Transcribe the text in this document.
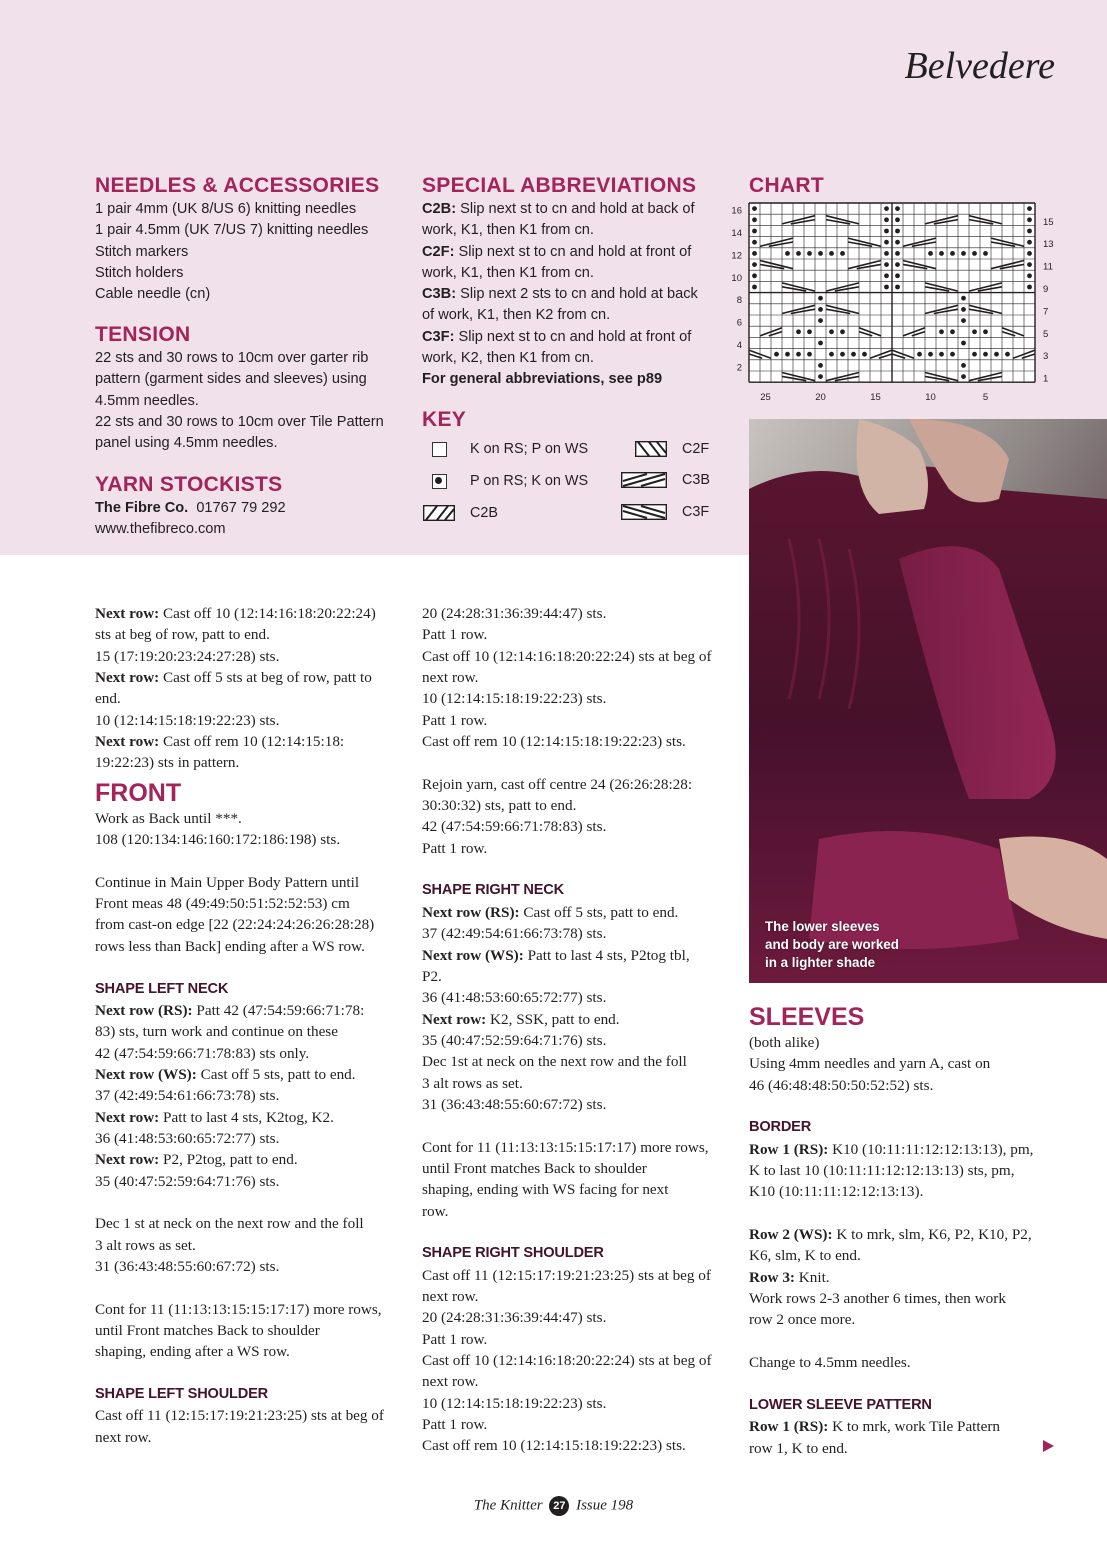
Belvedere
NEEDLES & ACCESSORIES
1 pair 4mm (UK 8/US 6) knitting needles
1 pair 4.5mm (UK 7/US 7) knitting needles
Stitch markers
Stitch holders
Cable needle (cn)
TENSION
22 sts and 30 rows to 10cm over garter rib
pattern (garment sides and sleeves) using
4.5mm needles.
22 sts and 30 rows to 10cm over Tile Pattern
panel using 4.5mm needles.
YARN STOCKISTS
The Fibre Co. 01767 79 292
www.thefibreco.com
SPECIAL ABBREVIATIONS
C2B: Slip next st to cn and hold at back of
work, K1, then K1 from cn.
C2F: Slip next st to cn and hold at front of
work, K1, then K1 from cn.
C3B: Slip next 2 sts to cn and hold at back
of work, K1, then K2 from cn.
C3F: Slip next st to cn and hold at front of
work, K2, then K1 from cn.
For general abbreviations, see p89
KEY
K on RS; P on WS
P on RS; K on WS
C2B
C2F
C3B
C3F
CHART
16
14
12
10
8
6
4
2
15
13
11
9
7
5
3
1
25	20	15	10	5
The lower sleeves
and body are worked
in a lighter shade
Next row: Cast off 10 (12:14:16:18:20:22:24)
sts at beg of row, patt to end.
15 (17:19:20:23:24:27:28) sts.
Next row: Cast off 5 sts at beg of row, patt to
end.
10 (12:14:15:18:19:22:23) sts.
Next row: Cast off rem 10 (12:14:15:18:
19:22:23) sts in pattern.
FRONT
Work as Back until ***.
108 (120:134:146:160:172:186:198) sts.
Continue in Main Upper Body Pattern until
Front meas 48 (49:49:50:51:52:52:53) cm
from cast-on edge [22 (22:24:24:26:26:28:28)
rows less than Back] ending after a WS row.
SHAPE LEFT NECK
Next row (RS): Patt 42 (47:54:59:66:71:78:
83) sts, turn work and continue on these
42 (47:54:59:66:71:78:83) sts only.
Next row (WS): Cast off 5 sts, patt to end.
37 (42:49:54:61:66:73:78) sts.
Next row: Patt to last 4 sts, K2tog, K2.
36 (41:48:53:60:65:72:77) sts.
Next row: P2, P2tog, patt to end.
35 (40:47:52:59:64:71:76) sts.
Dec 1 st at neck on the next row and the foll
3 alt rows as set.
31 (36:43:48:55:60:67:72) sts.
Cont for 11 (11:13:13:15:15:17:17) more rows,
until Front matches Back to shoulder
shaping, ending after a WS row.
SHAPE LEFT SHOULDER
Cast off 11 (12:15:17:19:21:23:25) sts at beg of
next row.
20 (24:28:31:36:39:44:47) sts.
Patt 1 row.
Cast off 10 (12:14:16:18:20:22:24) sts at beg of
next row.
10 (12:14:15:18:19:22:23) sts.
Patt 1 row.
Cast off rem 10 (12:14:15:18:19:22:23) sts.
Rejoin yarn, cast off centre 24 (26:26:28:28:
30:30:32) sts, patt to end.
42 (47:54:59:66:71:78:83) sts.
Patt 1 row.
SHAPE RIGHT NECK
Next row (RS): Cast off 5 sts, patt to end.
37 (42:49:54:61:66:73:78) sts.
Next row (WS): Patt to last 4 sts, P2tog tbl,
P2.
36 (41:48:53:60:65:72:77) sts.
Next row: K2, SSK, patt to end.
35 (40:47:52:59:64:71:76) sts.
Dec 1st at neck on the next row and the foll
3 alt rows as set.
31 (36:43:48:55:60:67:72) sts.
Cont for 11 (11:13:13:15:15:17:17) more rows,
until Front matches Back to shoulder
shaping, ending with WS facing for next
row.
SHAPE RIGHT SHOULDER
Cast off 11 (12:15:17:19:21:23:25) sts at beg of
next row.
20 (24:28:31:36:39:44:47) sts.
Patt 1 row.
Cast off 10 (12:14:16:18:20:22:24) sts at beg of
next row.
10 (12:14:15:18:19:22:23) sts.
Patt 1 row.
Cast off rem 10 (12:14:15:18:19:22:23) sts.
SLEEVES
(both alike)
Using 4mm needles and yarn A, cast on
46 (46:48:48:50:50:52:52) sts.
BORDER
Row 1 (RS): K10 (10:11:11:12:12:13:13), pm,
K to last 10 (10:11:11:12:12:13:13) sts, pm,
K10 (10:11:11:12:12:13:13).
Row 2 (WS): K to mrk, slm, K6, P2, K10, P2,
K6, slm, K to end.
Row 3: Knit.
Work rows 2-3 another 6 times, then work
row 2 once more.

Change to 4.5mm needles.

LOWER SLEEVE PATTERN
Row 1 (RS): K to mrk, work Tile Pattern
row 1, K to end.
The Knitter 27 Issue 198
